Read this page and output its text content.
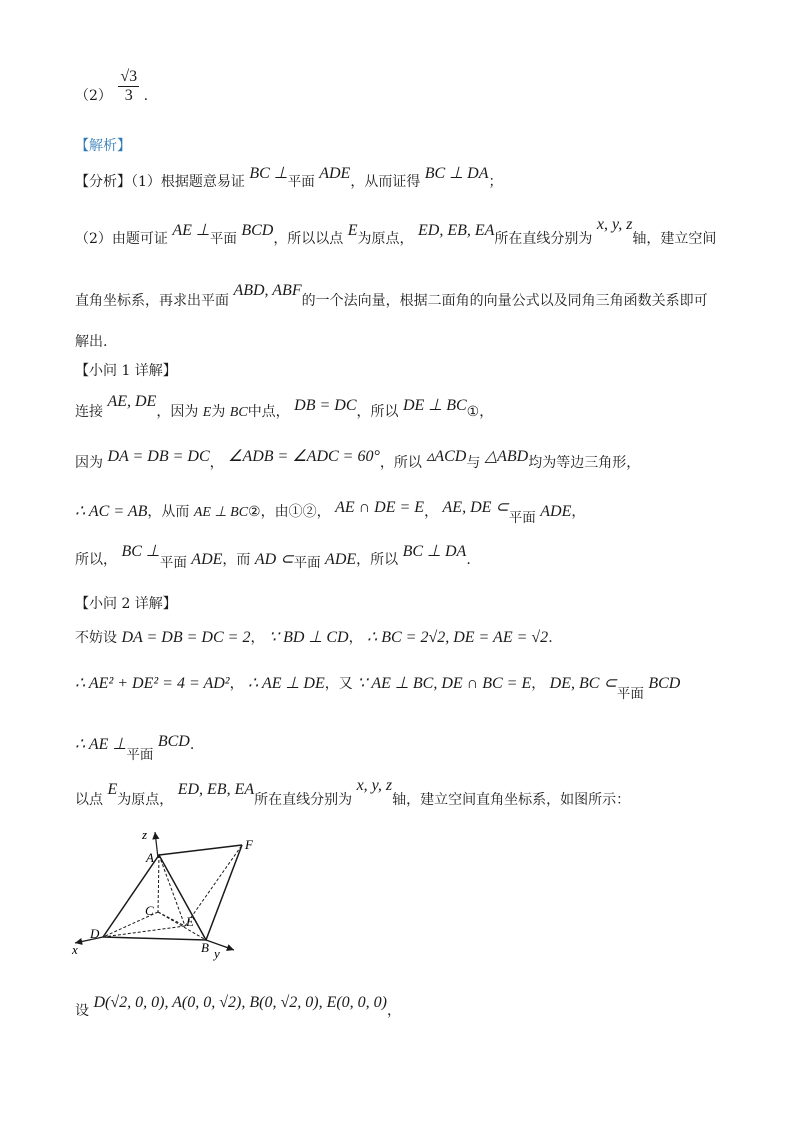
$(2) \frac{√3}{3}$ .
【解析】
【分析】（1）根据题意易证 BC ⊥平面 ADE，从而证得 BC ⊥ DA；
（2）由题可证 AE ⊥平面 BCD，所以以点 E为原点， ED, EB, EA所在直线分别为 x, y, z轴，建立空间
直角坐标系，再求出平面 ABD, ABF的一个法向量，根据二面角的向量公式以及同角三角函数关系即可
解出.
【小问 1 详解】
连接 AE, DE，因为 E为 BC中点， DB = DC，所以 DE ⊥ BC①，
因为 DA = DB = DC， ∠ADB = ∠ADC = 60°，所以 ▵ACD与 △ABD均为等边三角形，
∴ AC = AB，从而 AE ⊥ BC②，由①②， AE ∩ DE = E， AE, DE ⊂平面 ADE，
所以， BC ⊥平面 ADE，而 AD ⊂平面 ADE，所以 BC ⊥ DA.
【小问 2 详解】
不妨设 DA = DB = DC = 2， ∵ BD ⊥ CD， ∴ BC = 2√2, DE = AE = √2.
∴ AE² + DE² = 4 = AD²， ∴ AE ⊥ DE，又 ∵ AE ⊥ BC, DE ∩ BC = E， DE, BC ⊂平面 BCD
∴ AE ⊥平面 BCD.
以点 E为原点， ED, EB, EA所在直线分别为 x, y, z轴，建立空间直角坐标系，如图所示：
z
A
F
C
E
D
B
x	y
设 D(√2, 0, 0), A(0, 0, √2), B(0, √2, 0), E(0, 0, 0)，
